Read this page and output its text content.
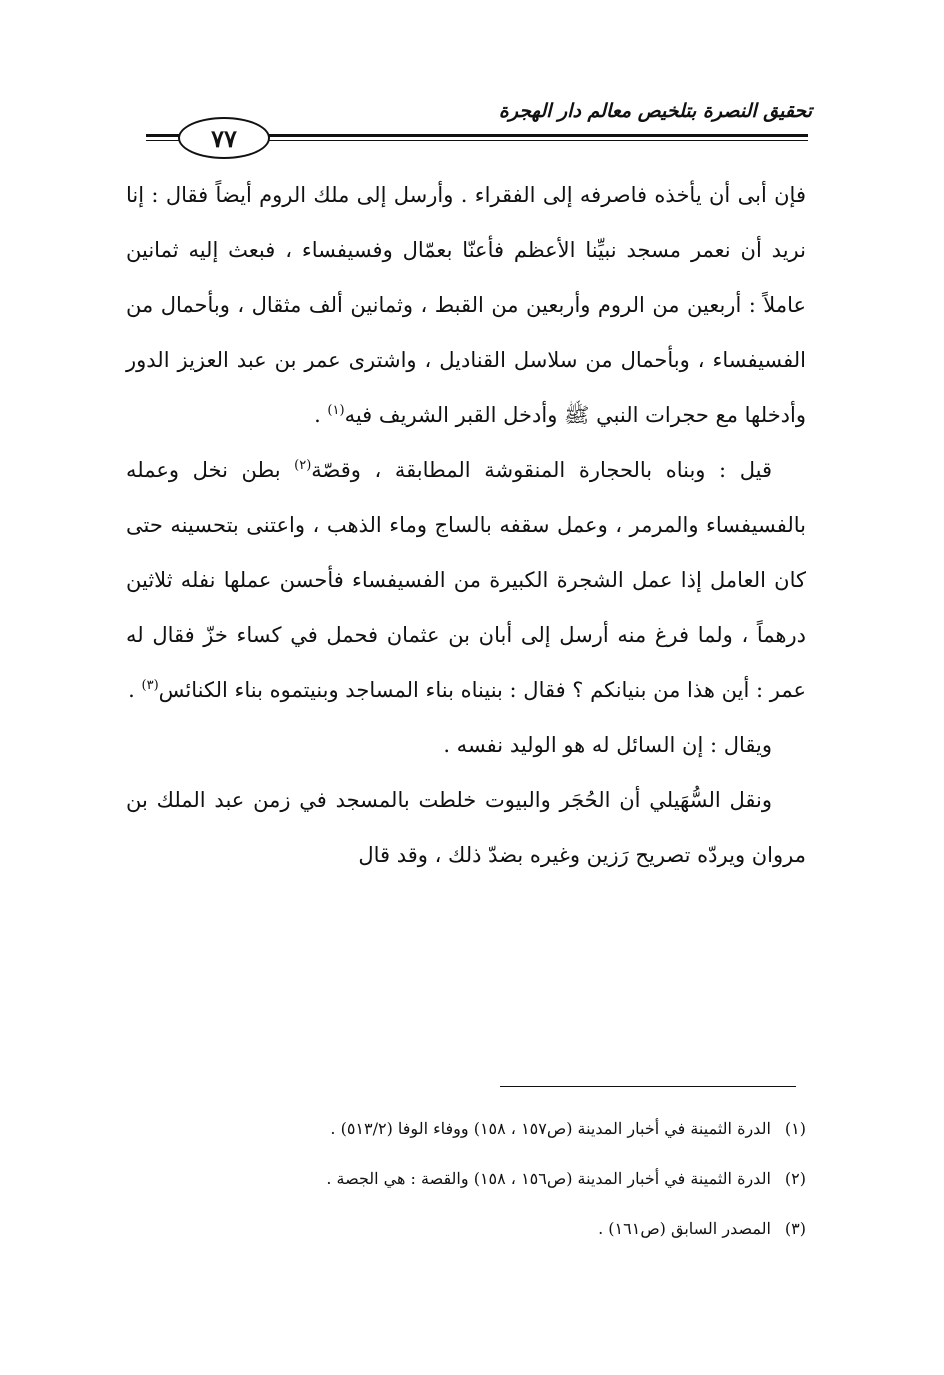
تحقيق النصرة بتلخيص معالم دار الهجرة
٧٧

فإن أبى أن يأخذه فاصرفه إلى الفقراء . وأرسل إلى ملك الروم أيضاً فقال : إنا نريد أن نعمر مسجد نبيِّنا الأعظم فأعنّا بعمّال وفسيفساء ، فبعث إليه ثمانين عاملاً : أربعين من الروم وأربعين من القبط ، وثمانين ألف مثقال ، وبأحمال من الفسيفساء ، وبأحمال من سلاسل القناديل ، واشترى عمر بن عبد العزيز الدور وأدخلها مع حجرات النبي ﷺ وأدخل القبر الشريف فيه$^{(١)}$ .

قيل : وبناه بالحجارة المنقوشة المطابقة ، وقصّة$^{(٢)}$ بطن نخل وعمله بالفسيفساء والمرمر ، وعمل سقفه بالساج وماء الذهب ، واعتنى بتحسينه حتى كان العامل إذا عمل الشجرة الكبيرة من الفسيفساء فأحسن عملها نفله ثلاثين درهماً ، ولما فرغ منه أرسل إلى أبان بن عثمان فحمل في كساء خزّ فقال له عمر : أين هذا من بنيانكم ؟ فقال : بنيناه بناء المساجد وبنيتموه بناء الكنائس$^{(٣)}$ .

ويقال : إن السائل له هو الوليد نفسه .

ونقل السُّهَيلي أن الحُجَر والبيوت خلطت بالمسجد في زمن عبد الملك بن مروان ويردّه تصريح رَزين وغيره بضدّ ذلك ، وقد قال

(١)الدرة الثمينة في أخبار المدينة (ص١٥٧ ، ١٥٨) ووفاء الوفا (٥١٣/٢) .
(٢)الدرة الثمينة في أخبار المدينة (ص١٥٦ ، ١٥٨) والقصة : هي الجصة .
(٣)المصدر السابق (ص١٦١) .
